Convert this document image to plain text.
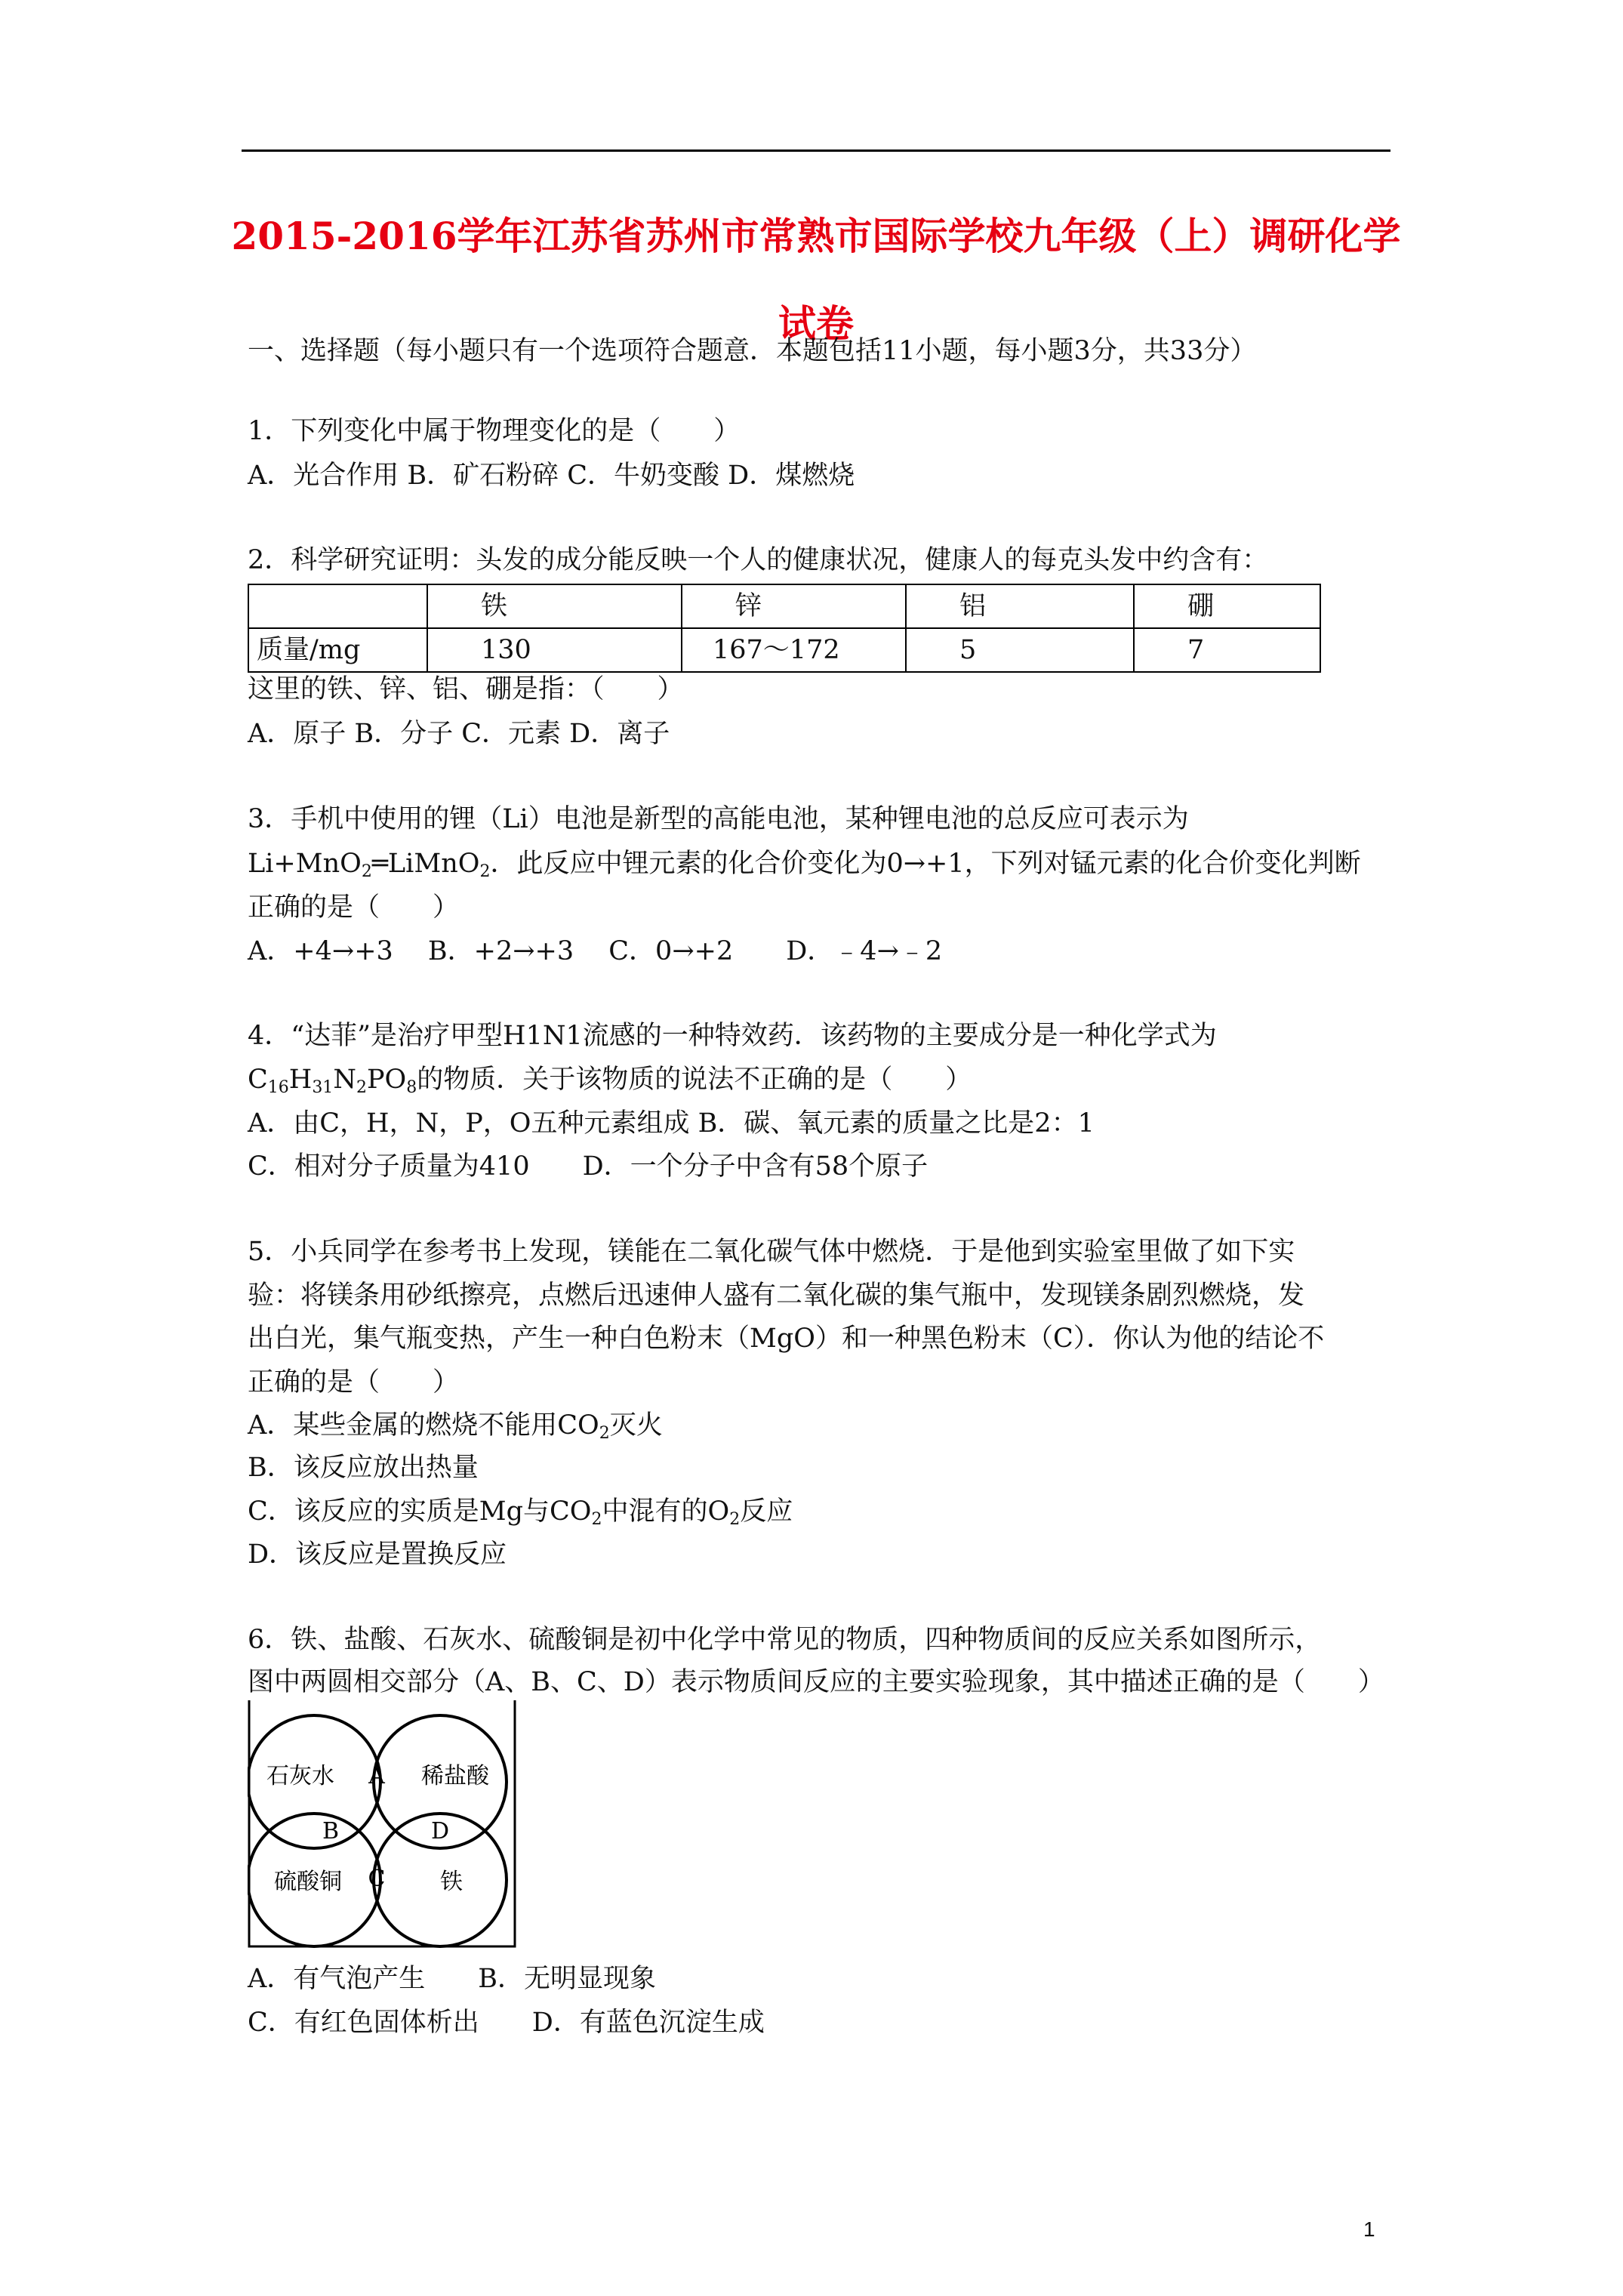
2015-2016学年江苏省苏州市常熟市国际学校九年级（上）调研化学
试卷
一、选择题（每小题只有一个选项符合题意．本题包括11小题，每小题3分，共33分）
1．下列变化中属于物理变化的是（　　）
A．光合作用 B．矿石粉碎 C．牛奶变酸 D．煤燃烧
2．科学研究证明：头发的成分能反映一个人的健康状况，健康人的每克头发中约含有：
	铁	锌	铝	硼
质量/mg	130	167～172	5	7
这里的铁、锌、铝、硼是指：（　　）
A．原子 B．分子 C．元素 D．离子
3．手机中使用的锂（Li）电池是新型的高能电池，某种锂电池的总反应可表示为
Li+MnO$_2$═LiMnO$_2$．此反应中锂元素的化合价变化为0→+1，下列对锰元素的化合价变化判断
正确的是（　　）
A．+4→+3　 B．+2→+3　 C．0→+2　　D．﹣4→﹣2
4．“达菲”是治疗甲型H1N1流感的一种特效药．该药物的主要成分是一种化学式为
$C_{16}H_{31}N_2PO_8$的物质．关于该物质的说法不正确的是（　　）
A．由C，H，N，P，O五种元素组成 B．碳、氧元素的质量之比是2：1
C．相对分子质量为410　　D．一个分子中含有58个原子
5．小兵同学在参考书上发现，镁能在二氧化碳气体中燃烧．于是他到实验室里做了如下实
验：将镁条用砂纸擦亮，点燃后迅速伸人盛有二氧化碳的集气瓶中，发现镁条剧烈燃烧，发
出白光，集气瓶变热，产生一种白色粉末（MgO）和一种黑色粉末（C）．你认为他的结论不
正确的是（　　）
A．某些金属的燃烧不能用$CO_2$灭火
B．该反应放出热量
C．该反应的实质是Mg与$CO_2$中混有的$O_2$反应
D．该反应是置换反应
6．铁、盐酸、石灰水、硫酸铜是初中化学中常见的物质，四种物质间的反应关系如图所示，
图中两圆相交部分（A、B、C、D）表示物质间反应的主要实验现象，其中描述正确的是（　　）
石灰水	稀盐酸
硫酸铜	铁
A
B
C
D
A．有气泡产生　　B．无明显现象
C．有红色固体析出　　D．有蓝色沉淀生成
1
